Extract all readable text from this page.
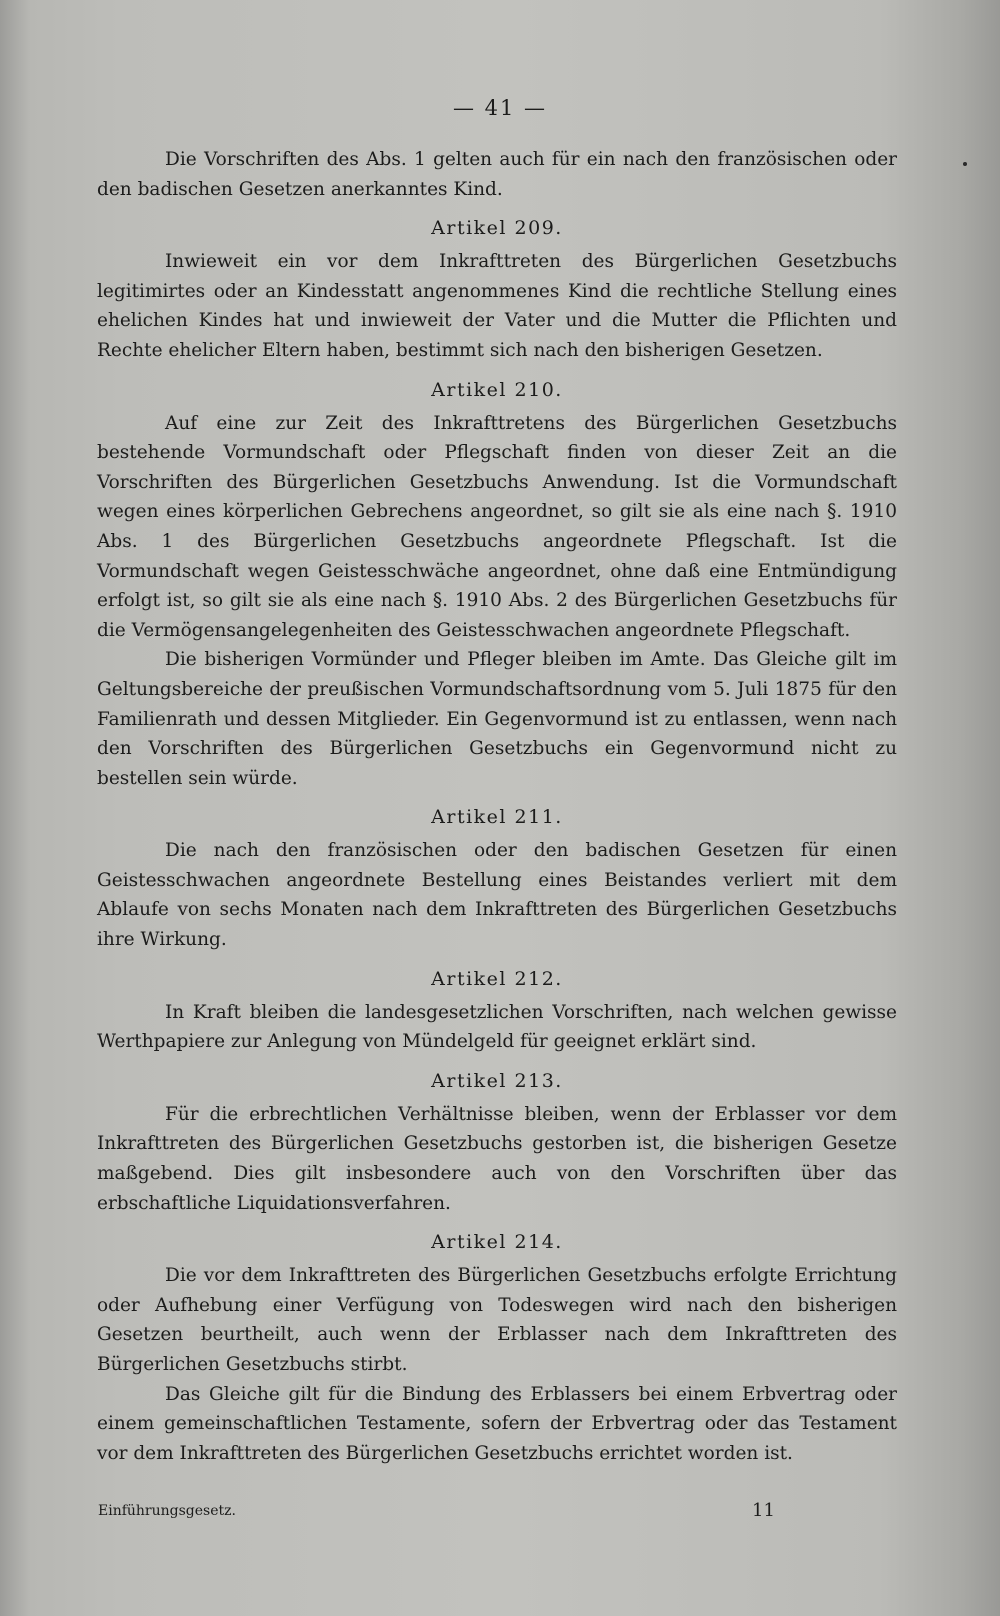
— 41 —

Die Vorschriften des Abs. 1 gelten auch für ein nach den französischen oder den badischen Gesetzen anerkanntes Kind.

Artikel 209.

Inwieweit ein vor dem Inkrafttreten des Bürgerlichen Gesetzbuchs legitimirtes oder an Kindesstatt angenommenes Kind die rechtliche Stellung eines ehelichen Kindes hat und inwieweit der Vater und die Mutter die Pflichten und Rechte ehelicher Eltern haben, bestimmt sich nach den bisherigen Gesetzen.

Artikel 210.

Auf eine zur Zeit des Inkrafttretens des Bürgerlichen Gesetzbuchs bestehende Vormundschaft oder Pflegschaft finden von dieser Zeit an die Vorschriften des Bürgerlichen Gesetzbuchs Anwendung. Ist die Vormundschaft wegen eines körperlichen Gebrechens angeordnet, so gilt sie als eine nach §. 1910 Abs. 1 des Bürgerlichen Gesetzbuchs angeordnete Pflegschaft. Ist die Vormundschaft wegen Geistesschwäche angeordnet, ohne daß eine Entmündigung erfolgt ist, so gilt sie als eine nach §. 1910 Abs. 2 des Bürgerlichen Gesetzbuchs für die Vermögensangelegenheiten des Geistesschwachen angeordnete Pflegschaft.

Die bisherigen Vormünder und Pfleger bleiben im Amte. Das Gleiche gilt im Geltungsbereiche der preußischen Vormundschaftsordnung vom 5. Juli 1875 für den Familienrath und dessen Mitglieder. Ein Gegenvormund ist zu entlassen, wenn nach den Vorschriften des Bürgerlichen Gesetzbuchs ein Gegenvormund nicht zu bestellen sein würde.

Artikel 211.

Die nach den französischen oder den badischen Gesetzen für einen Geistesschwachen angeordnete Bestellung eines Beistandes verliert mit dem Ablaufe von sechs Monaten nach dem Inkrafttreten des Bürgerlichen Gesetzbuchs ihre Wirkung.

Artikel 212.

In Kraft bleiben die landesgesetzlichen Vorschriften, nach welchen gewisse Werthpapiere zur Anlegung von Mündelgeld für geeignet erklärt sind.

Artikel 213.

Für die erbrechtlichen Verhältnisse bleiben, wenn der Erblasser vor dem Inkrafttreten des Bürgerlichen Gesetzbuchs gestorben ist, die bisherigen Gesetze maßgebend. Dies gilt insbesondere auch von den Vorschriften über das erbschaftliche Liquidationsverfahren.

Artikel 214.

Die vor dem Inkrafttreten des Bürgerlichen Gesetzbuchs erfolgte Errichtung oder Aufhebung einer Verfügung von Todeswegen wird nach den bisherigen Gesetzen beurtheilt, auch wenn der Erblasser nach dem Inkrafttreten des Bürgerlichen Gesetzbuchs stirbt.

Das Gleiche gilt für die Bindung des Erblassers bei einem Erbvertrag oder einem gemeinschaftlichen Testamente, sofern der Erbvertrag oder das Testament vor dem Inkrafttreten des Bürgerlichen Gesetzbuchs errichtet worden ist.

Einführungsgesetz.	11
